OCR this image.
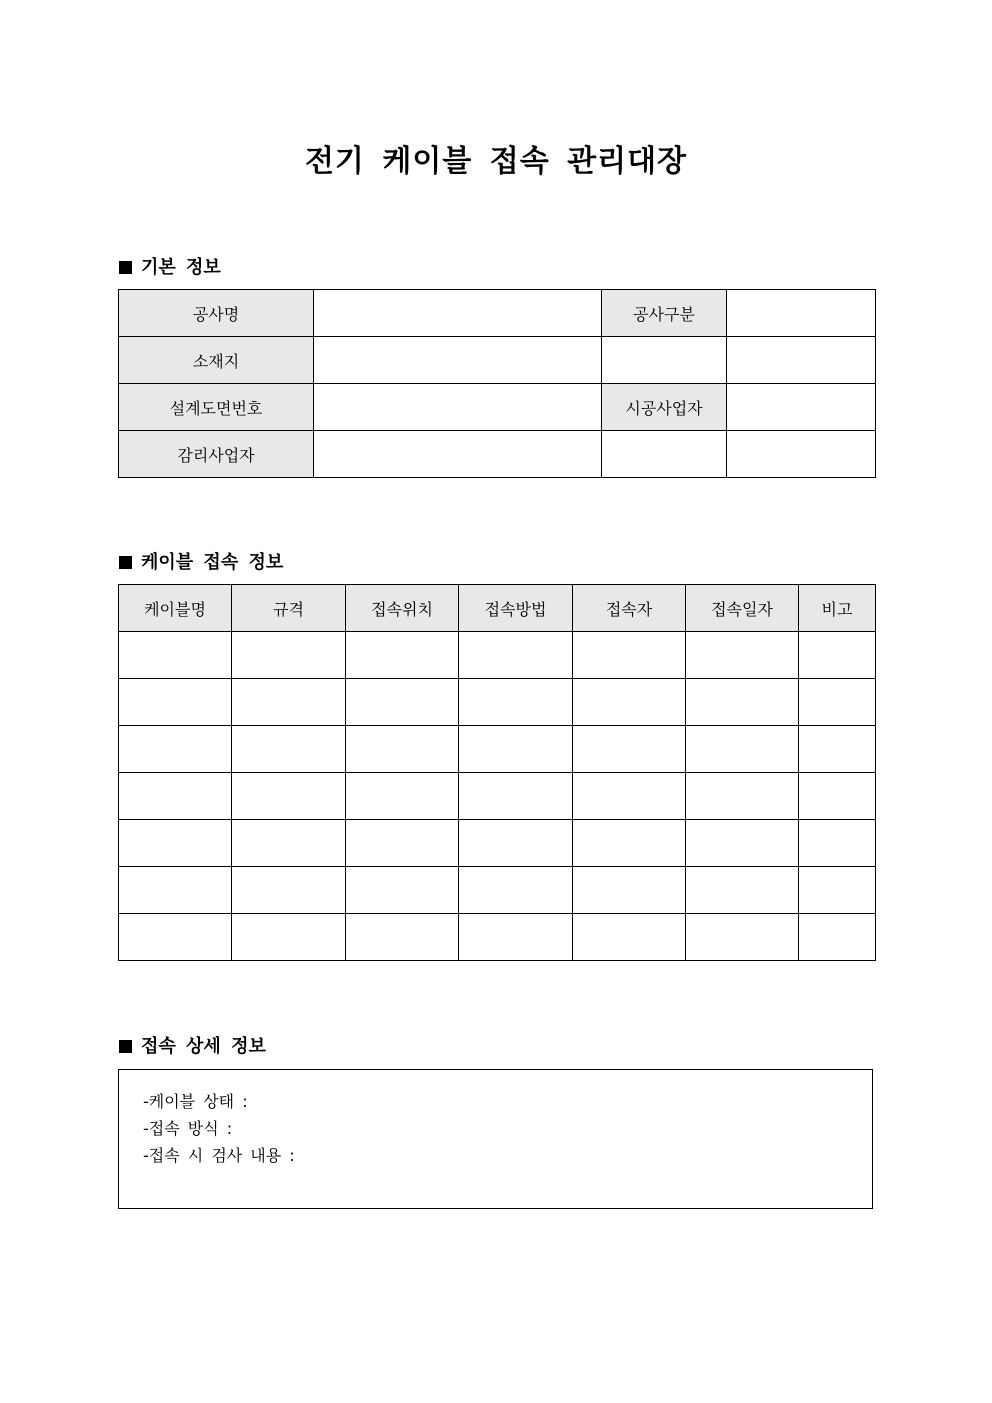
전기 케이블 접속 관리대장
기본 정보
공사명		공사구분	
소재지			
설계도면번호		시공사업자	
감리사업자			
케이블 접속 정보
케이블명	규격	접속위치	접속방법	접속자	접속일자	비고

접속 상세 정보
-케이블 상태 :
-접속 방식 :
-접속 시 검사 내용 :
